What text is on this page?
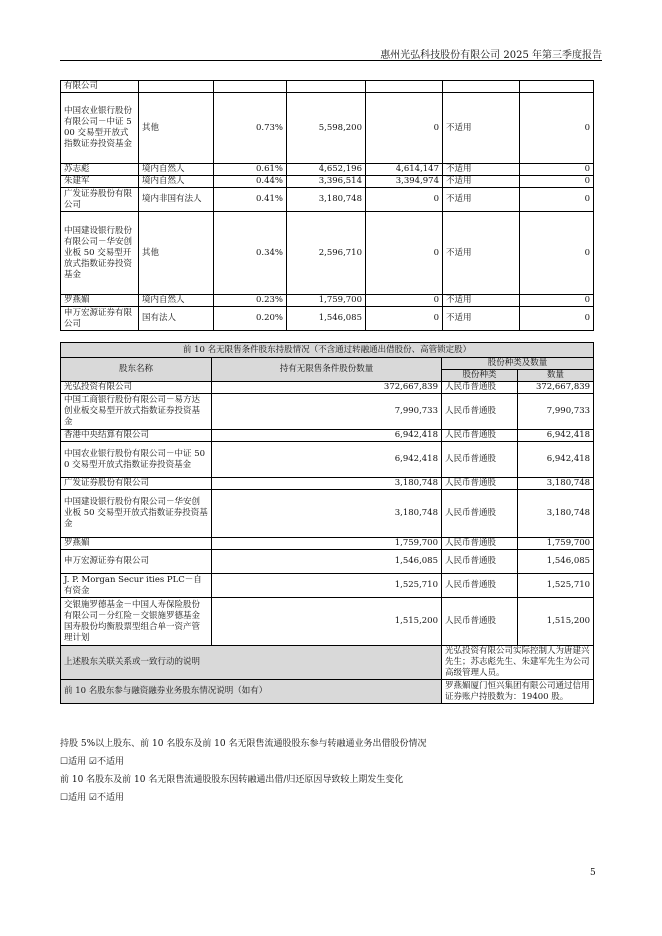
惠州光弘科技股份有限公司 2025 年第三季度报告
有限公司						
中国农业银行股份有限公司－中证 500 交易型开放式指数证券投资基金	其他	0.73%	5,598,200	0	不适用	0
苏志彪	境内自然人	0.61%	4,652,196	4,614,147	不适用	0
朱建军	境内自然人	0.44%	3,396,514	3,394,974	不适用	0
广发证券股份有限公司	境内非国有法人	0.41%	3,180,748	0	不适用	0
中国建设银行股份有限公司－华安创业板 50 交易型开放式指数证券投资基金	其他	0.34%	2,596,710	0	不适用	0
罗燕媚	境内自然人	0.23%	1,759,700	0	不适用	0
申万宏源证券有限公司	国有法人	0.20%	1,546,085	0	不适用	0
前 10 名无限售条件股东持股情况（不含通过转融通出借股份、高管锁定股）			
股东名称	持有无限售条件股份数量	股份种类及数量	
		股份种类	数量
光弘投资有限公司	372,667,839	人民币普通股	372,667,839
中国工商银行股份有限公司－易方达创业板交易型开放式指数证券投资基金	7,990,733	人民币普通股	7,990,733
香港中央结算有限公司	6,942,418	人民币普通股	6,942,418
中国农业银行股份有限公司－中证 500 交易型开放式指数证券投资基金	6,942,418	人民币普通股	6,942,418
广发证券股份有限公司	3,180,748	人民币普通股	3,180,748
中国建设银行股份有限公司－华安创业板 50 交易型开放式指数证券投资基金	3,180,748	人民币普通股	3,180,748
罗燕媚	1,759,700	人民币普通股	1,759,700
申万宏源证券有限公司	1,546,085	人民币普通股	1,546,085
J. P. Morgan Secur ities PLC－自有资金	1,525,710	人民币普通股	1,525,710
交银施罗德基金－中国人寿保险股份有限公司－分红险－交银施罗德基金国寿股份均衡股票型组合单一资产管理计划	1,515,200	人民币普通股	1,515,200
上述股东关联关系或一致行动的说明		光弘投资有限公司实际控制人为唐建兴先生；苏志彪先生、朱建军先生为公司高级管理人员。	
前 10 名股东参与融资融券业务股东情况说明（如有）		罗燕媚厦门恒兴集团有限公司通过信用证券账户持股数为：19400 股。	
持股 5%以上股东、前 10 名股东及前 10 名无限售流通股股东参与转融通业务出借股份情况
☐适用 ☑不适用
前 10 名股东及前 10 名无限售流通股股东因转融通出借/归还原因导致较上期发生变化
☐适用 ☑不适用
5
